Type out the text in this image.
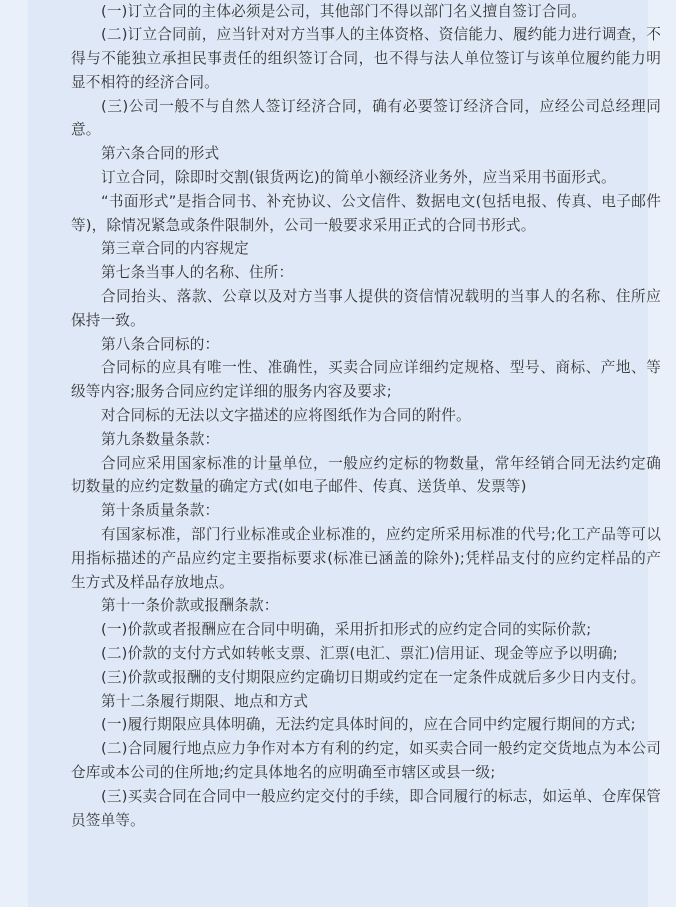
(一)订立合同的主体必须是公司，其他部门不得以部门名义擅自签订合同。

(二)订立合同前，应当针对对方当事人的主体资格、资信能力、履约能力进行调查，不得与不能独立承担民事责任的组织签订合同，也不得与法人单位签订与该单位履约能力明显不相符的经济合同。

(三)公司一般不与自然人签订经济合同，确有必要签订经济合同，应经公司总经理同意。

第六条合同的形式

订立合同，除即时交割(银货两讫)的简单小额经济业务外，应当采用书面形式。

“书面形式”是指合同书、补充协议、公文信件、数据电文(包括电报、传真、电子邮件等)，除情况紧急或条件限制外，公司一般要求采用正式的合同书形式。

第三章合同的内容规定

第七条当事人的名称、住所：

合同抬头、落款、公章以及对方当事人提供的资信情况载明的当事人的名称、住所应保持一致。

第八条合同标的：

合同标的应具有唯一性、准确性，买卖合同应详细约定规格、型号、商标、产地、等级等内容;服务合同应约定详细的服务内容及要求;

对合同标的无法以文字描述的应将图纸作为合同的附件。

第九条数量条款：

合同应采用国家标准的计量单位，一般应约定标的物数量，常年经销合同无法约定确切数量的应约定数量的确定方式(如电子邮件、传真、送货单、发票等)

第十条质量条款：

有国家标准，部门行业标准或企业标准的，应约定所采用标准的代号;化工产品等可以用指标描述的产品应约定主要指标要求(标准已涵盖的除外);凭样品支付的应约定样品的产生方式及样品存放地点。

第十一条价款或报酬条款：

(一)价款或者报酬应在合同中明确，采用折扣形式的应约定合同的实际价款;

(二)价款的支付方式如转帐支票、汇票(电汇、票汇)信用证、现金等应予以明确;

(三)价款或报酬的支付期限应约定确切日期或约定在一定条件成就后多少日内支付。

第十二条履行期限、地点和方式

(一)履行期限应具体明确，无法约定具体时间的，应在合同中约定履行期间的方式;

(二)合同履行地点应力争作对本方有利的约定，如买卖合同一般约定交货地点为本公司仓库或本公司的住所地;约定具体地名的应明确至市辖区或县一级;

(三)买卖合同在合同中一般应约定交付的手续，即合同履行的标志，如运单、仓库保管员签单等。
